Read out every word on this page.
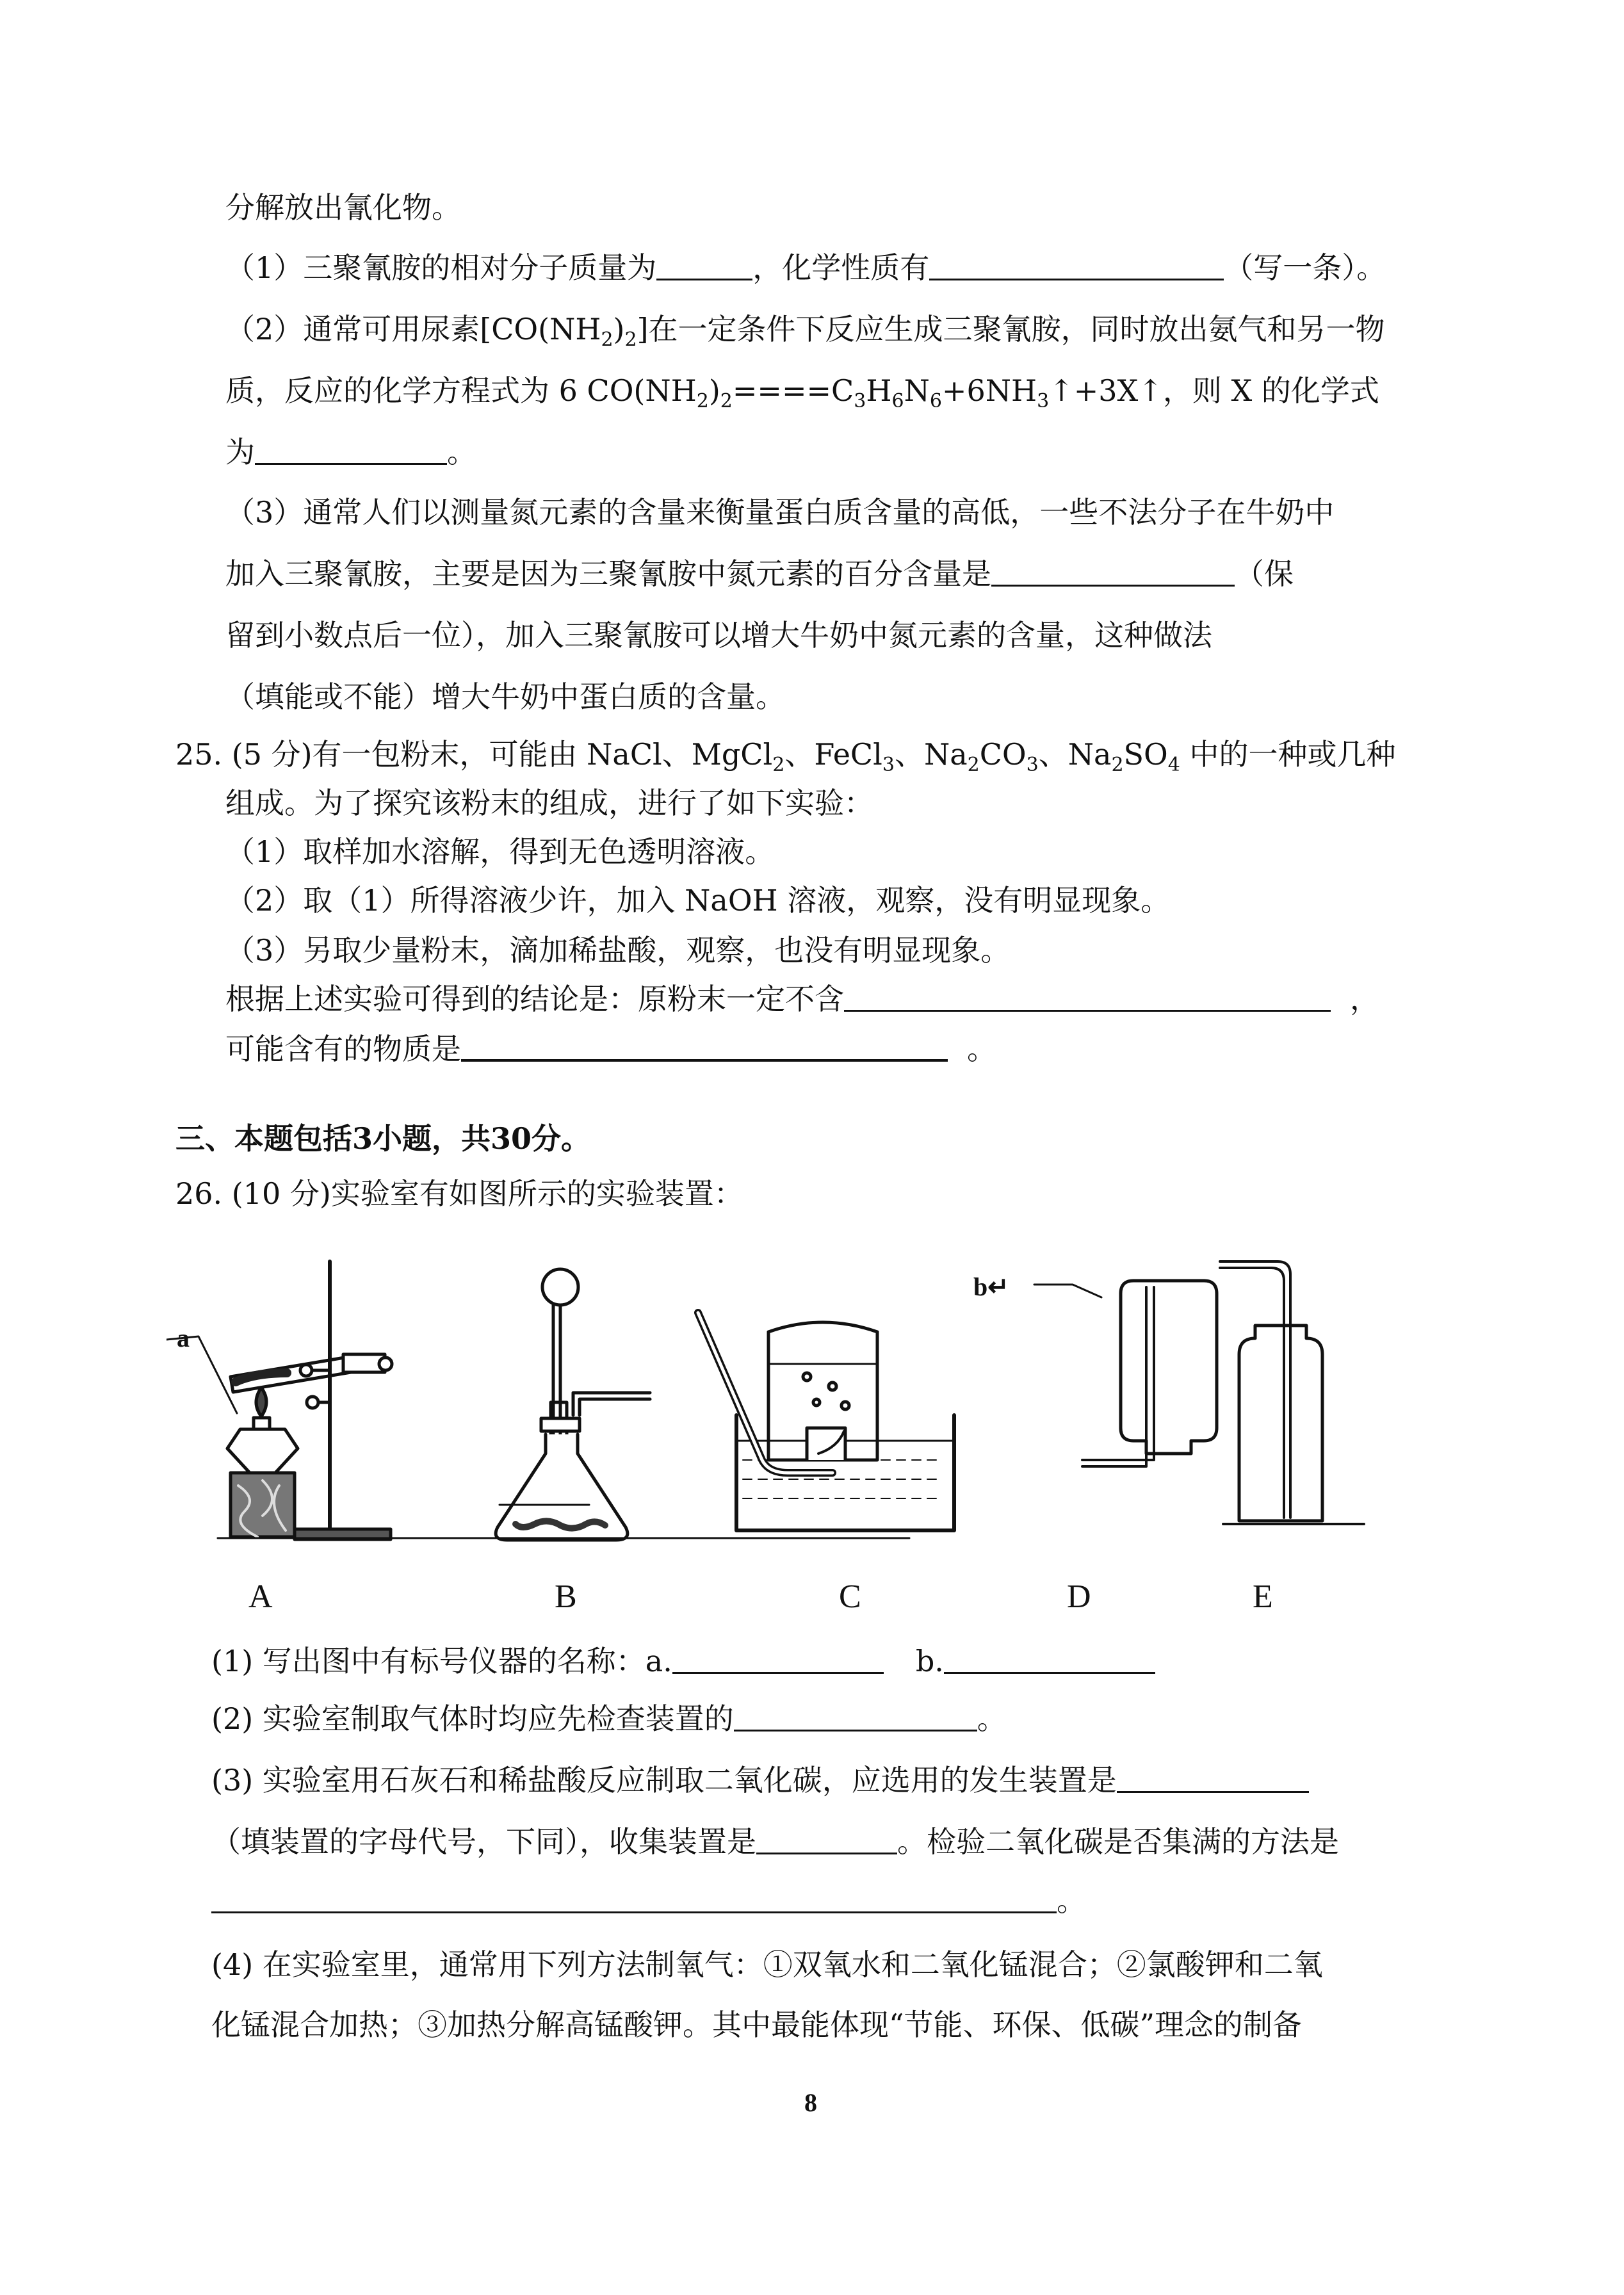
分解放出氰化物。
（1）三聚氰胺的相对分子质量为	，化学性质有	（写一条）。
（2）通常可用尿素$[CO(NH_2)_2]$在一定条件下反应生成三聚氰胺，同时放出氨气和另一物
质，反应的化学方程式为 6 $CO(NH_2)_2====C_3H_6N_6+6NH_3↑+3X↑$，则 X 的化学式
为	。
（3）通常人们以测量氮元素的含量来衡量蛋白质含量的高低，一些不法分子在牛奶中
加入三聚氰胺，主要是因为三聚氰胺中氮元素的百分含量是	（保
留到小数点后一位），加入三聚氰胺可以增大牛奶中氮元素的含量，这种做法
（填能或不能）增大牛奶中蛋白质的含量。
25. (5 分)有一包粉末，可能由 NaCl、MgCl$_2$、FeCl$_3$、$Na_2CO_3$、$Na_2SO_4$ 中的一种或几种
组成。为了探究该粉末的组成，进行了如下实验：
（1）取样加水溶解，得到无色透明溶液。
（2）取（1）所得溶液少许，加入 NaOH 溶液，观察，没有明显现象。
（3）另取少量粉末，滴加稀盐酸，观察，也没有明显现象。
根据上述实验可得到的结论是：原粉末一定不含	，
可能含有的物质是	。
三、本题包括3小题，共30分。
26. (10 分)实验室有如图所示的实验装置：
a
b↵
A	B	C	D	E
(1) 写出图中有标号仪器的名称：a.	b.
(2) 实验室制取气体时均应先检查装置的	。
(3) 实验室用石灰石和稀盐酸反应制取二氧化碳，应选用的发生装置是
（填装置的字母代号，下同），收集装置是	。检验二氧化碳是否集满的方法是
。
(4) 在实验室里，通常用下列方法制氧气：①双氧水和二氧化锰混合；②氯酸钾和二氧
化锰混合加热；③加热分解高锰酸钾。其中最能体现“节能、环保、低碳”理念的制备
8
